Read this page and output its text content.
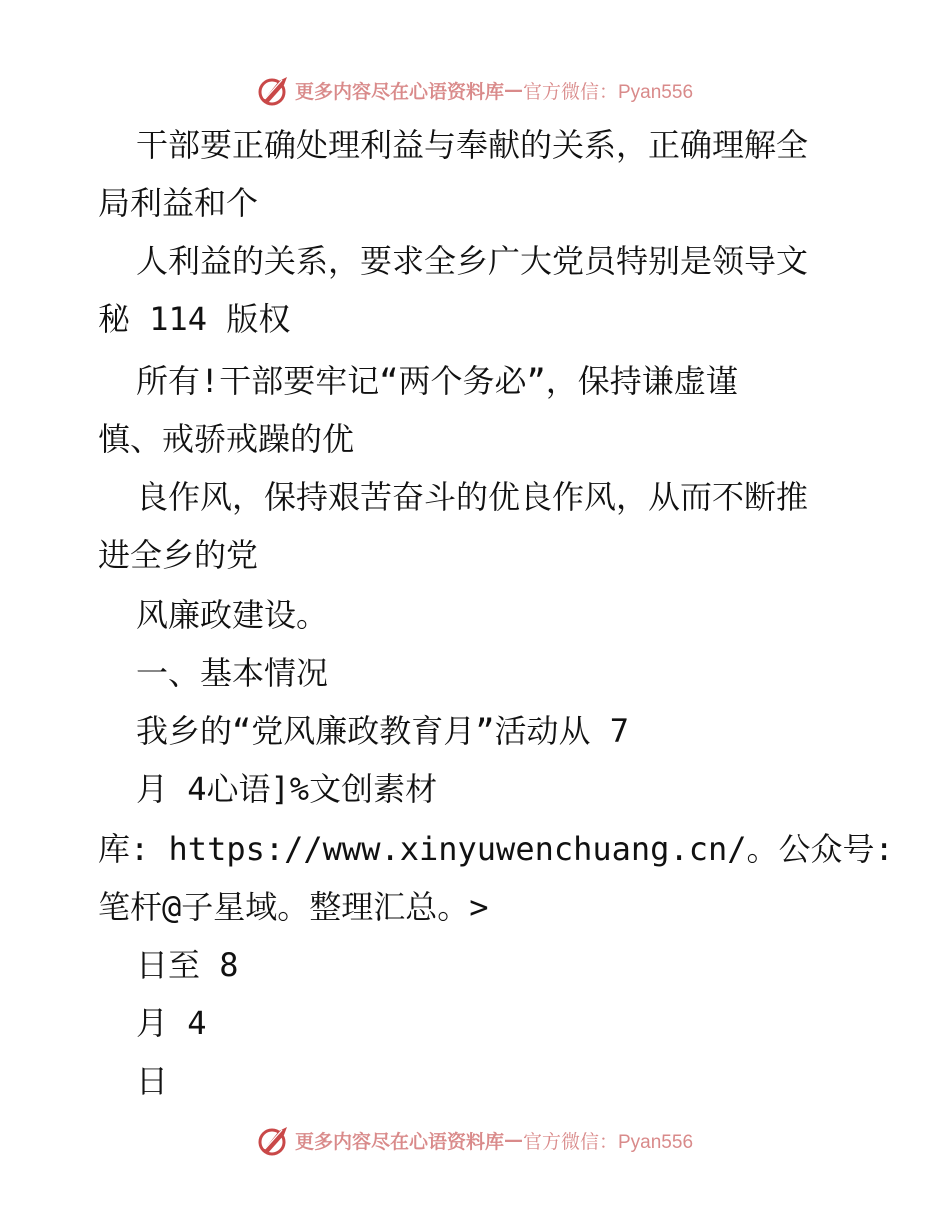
更多内容尽在心语资料库 — 官方微信：Pyan556
干部要正确处理利益与奉献的关系，正确理解全
局利益和个
人利益的关系，要求全乡广大党员特别是领导文
秘 114 版权
所有!干部要牢记“两个务必”，保持谦虚谨
慎、戒骄戒躁的优
良作风，保持艰苦奋斗的优良作风，从而不断推
进全乡的党
风廉政建设。
一、基本情况
我乡的“党风廉政教育月”活动从 7
月 4心语]%文创素材
库: https://www.xinyuwenchuang.cn/。公众号:
笔杆@子星域。整理汇总。>
日至 8
月 4
日
更多内容尽在心语资料库 — 官方微信：Pyan556
